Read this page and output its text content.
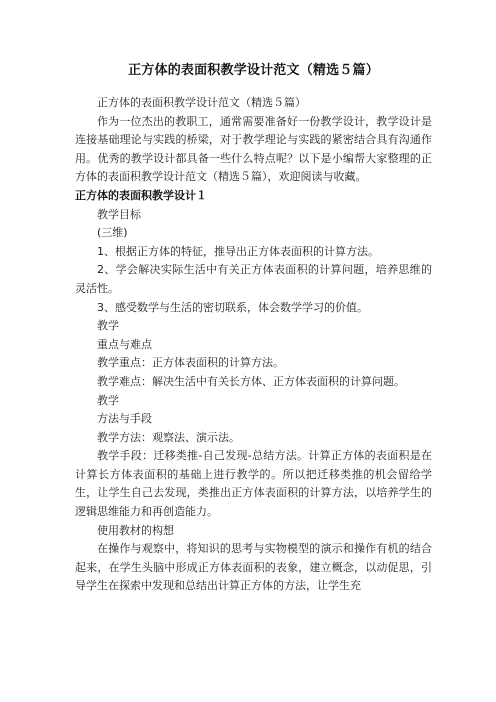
正方体的表面积教学设计范文（精选５篇）

正方体的表面积教学设计范文（精选５篇）

作为一位杰出的教职工，通常需要准备好一份教学设计，教学设计是连接基础理论与实践的桥梁，对于教学理论与实践的紧密结合具有沟通作用。优秀的教学设计都具备一些什么特点呢？以下是小编帮大家整理的正方体的表面积教学设计范文（精选５篇），欢迎阅读与收藏。

正方体的表面积教学设计１

教学目标

(三维)

1、根据正方体的特征，推导出正方体表面积的计算方法。

2、学会解决实际生活中有关正方体表面积的计算问题，培养思维的灵活性。

3、感受数学与生活的密切联系，体会数学学习的价值。

教学

重点与难点

教学重点：正方体表面积的计算方法。

教学难点：解决生活中有关长方体、正方体表面积的计算问题。

教学

方法与手段

教学方法：观察法、演示法。

教学手段：迁移类推-自己发现-总结方法。计算正方体的表面积是在计算长方体表面积的基础上进行教学的。所以把迁移类推的机会留给学生，让学生自己去发现，类推出正方体表面积的计算方法，以培养学生的逻辑思维能力和再创造能力。

使用教材的构想

在操作与观察中，将知识的思考与实物模型的演示和操作有机的结合起来，在学生头脑中形成正方体表面积的表象，建立概念，以动促思，引导学生在探索中发现和总结出计算正方体的方法，让学生充
